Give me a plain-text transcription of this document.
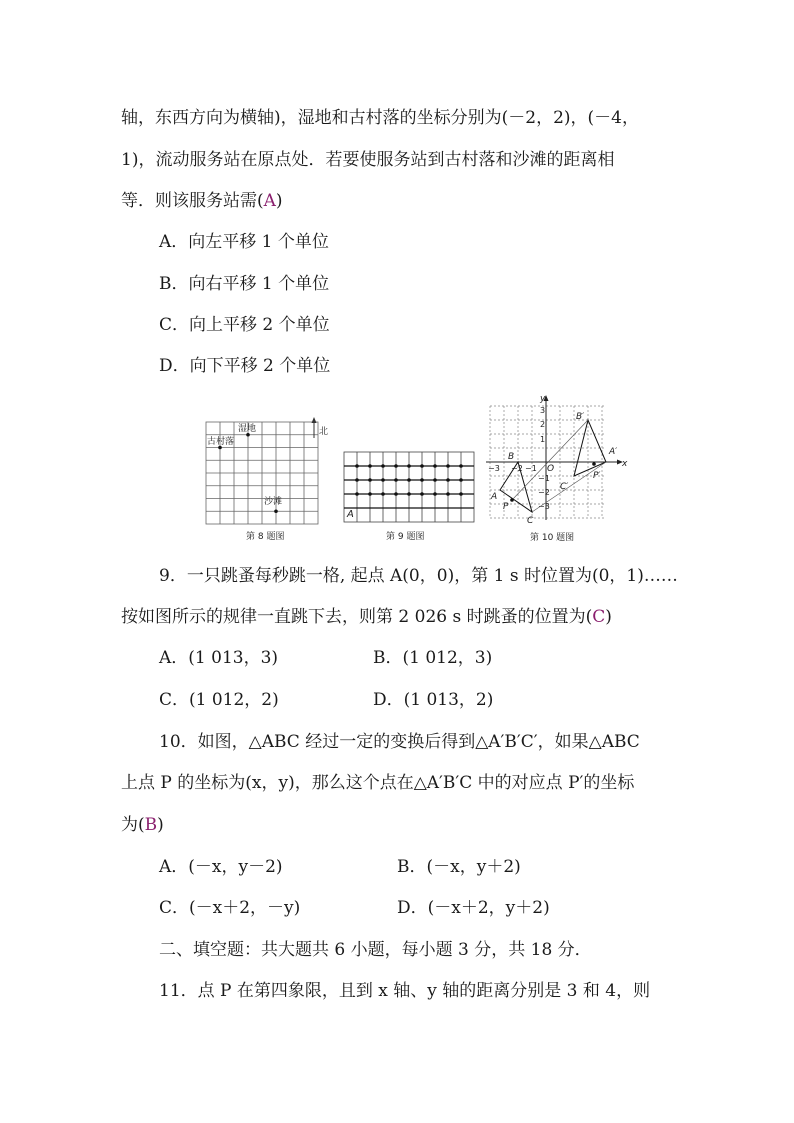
轴，东西方向为横轴)，湿地和古村落的坐标分别为(－2，2)，(－4，
1)，流动服务站在原点处．若要使服务站到古村落和沙滩的距离相
等．则该服务站需(A)
A．向左平移 1 个单位
B．向右平移 1 个单位
C．向上平移 2 个单位
D．向下平移 2 个单位
北
湿地
古村落
沙滩
第 8 题图
A
第 9 题图
x
y
O
3
2
1
−1
−2
−3
−3 −2 −1
A
B
C
P
A′
B′
C′
P′
第 10 题图
9．一只跳蚤每秒跳一格, 起点 A(0，0)，第 1 s 时位置为(0，1)……
按如图所示的规律一直跳下去，则第 2 026 s 时跳蚤的位置为(C)
A．(1 013，3)	B．(1 012，3)
C．(1 012，2)	D．(1 013，2)
10．如图，△ABC 经过一定的变换后得到△A′B′C′，如果△ABC
上点 P 的坐标为(x，y)，那么这个点在△A′B′C 中的对应点 P′的坐标
为(B)
A．(－x，y－2)	B．(－x，y＋2)
C．(－x＋2，－y)	D．(－x＋2，y＋2)
二、填空题：共大题共 6 小题，每小题 3 分，共 18 分．
11．点 P 在第四象限，且到 x 轴、y 轴的距离分别是 3 和 4，则
